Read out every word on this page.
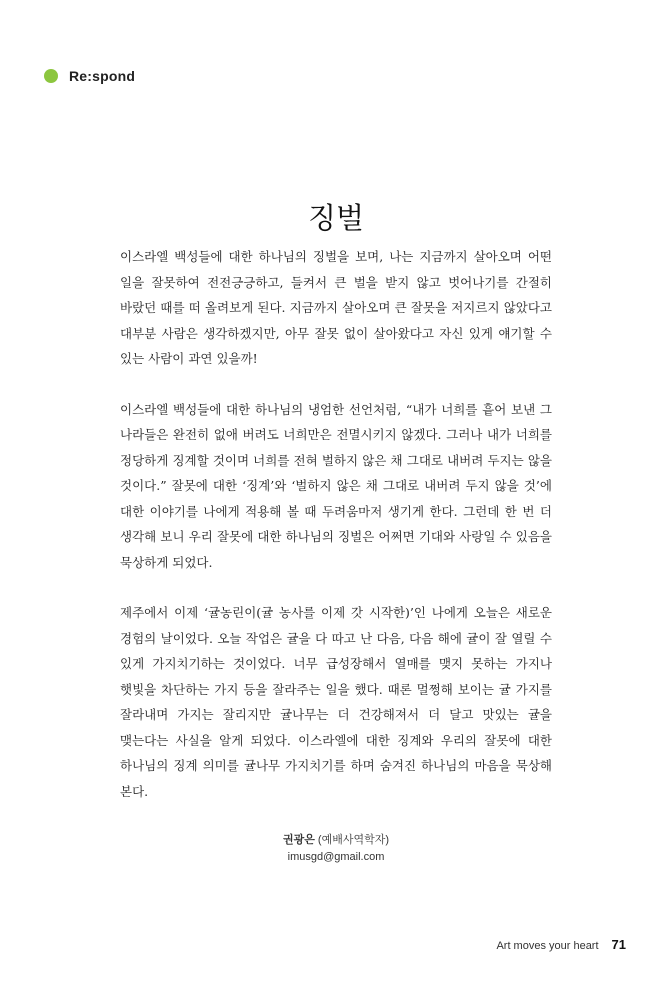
Re:spond
징벌

이스라엘 백성들에 대한 하나님의 징벌을 보며, 나는 지금까지 살아오며 어떤 일을 잘못하여 전전긍긍하고, 들켜서 큰 벌을 받지 않고 벗어나기를 간절히 바랐던 때를 떠 올려보게 된다. 지금까지 살아오며 큰 잘못을 저지르지 않았다고 대부분 사람은 생각하겠지만, 아무 잘못 없이 살아왔다고 자신 있게 얘기할 수 있는 사람이 과연 있을까!

이스라엘 백성들에 대한 하나님의 냉엄한 선언처럼, “내가 너희를 흩어 보낸 그 나라들은 완전히 없애 버려도 너희만은 전멸시키지 않겠다. 그러나 내가 너희를 정당하게 징계할 것이며 너희를 전혀 벌하지 않은 채 그대로 내버려 두지는 않을 것이다.” 잘못에 대한 ‘징계’와 ‘벌하지 않은 채 그대로 내버려 두지 않을 것’에 대한 이야기를 나에게 적용해 볼 때 두려움마저 생기게 한다. 그런데 한 번 더 생각해 보니 우리 잘못에 대한 하나님의 징벌은 어쩌면 기대와 사랑일 수 있음을 묵상하게 되었다.

제주에서 이제 ‘귤농린이(귤 농사를 이제 갓 시작한)’인 나에게 오늘은 새로운 경험의 날이었다. 오늘 작업은 귤을 다 따고 난 다음, 다음 해에 귤이 잘 열릴 수 있게 가지치기하는 것이었다. 너무 급성장해서 열매를 맺지 못하는 가지나 햇빛을 차단하는 가지 등을 잘라주는 일을 했다. 때론 멀쩡해 보이는 귤 가지를 잘라내며 가지는 잘리지만 귤나무는 더 건강해져서 더 달고 맛있는 귤을 맺는다는 사실을 알게 되었다. 이스라엘에 대한 징계와 우리의 잘못에 대한 하나님의 징계 의미를 귤나무 가지치기를 하며 숨겨진 하나님의 마음을 묵상해 본다.

권광은 (예배사역학자)
imusgd@gmail.com
Art moves your heart 71
